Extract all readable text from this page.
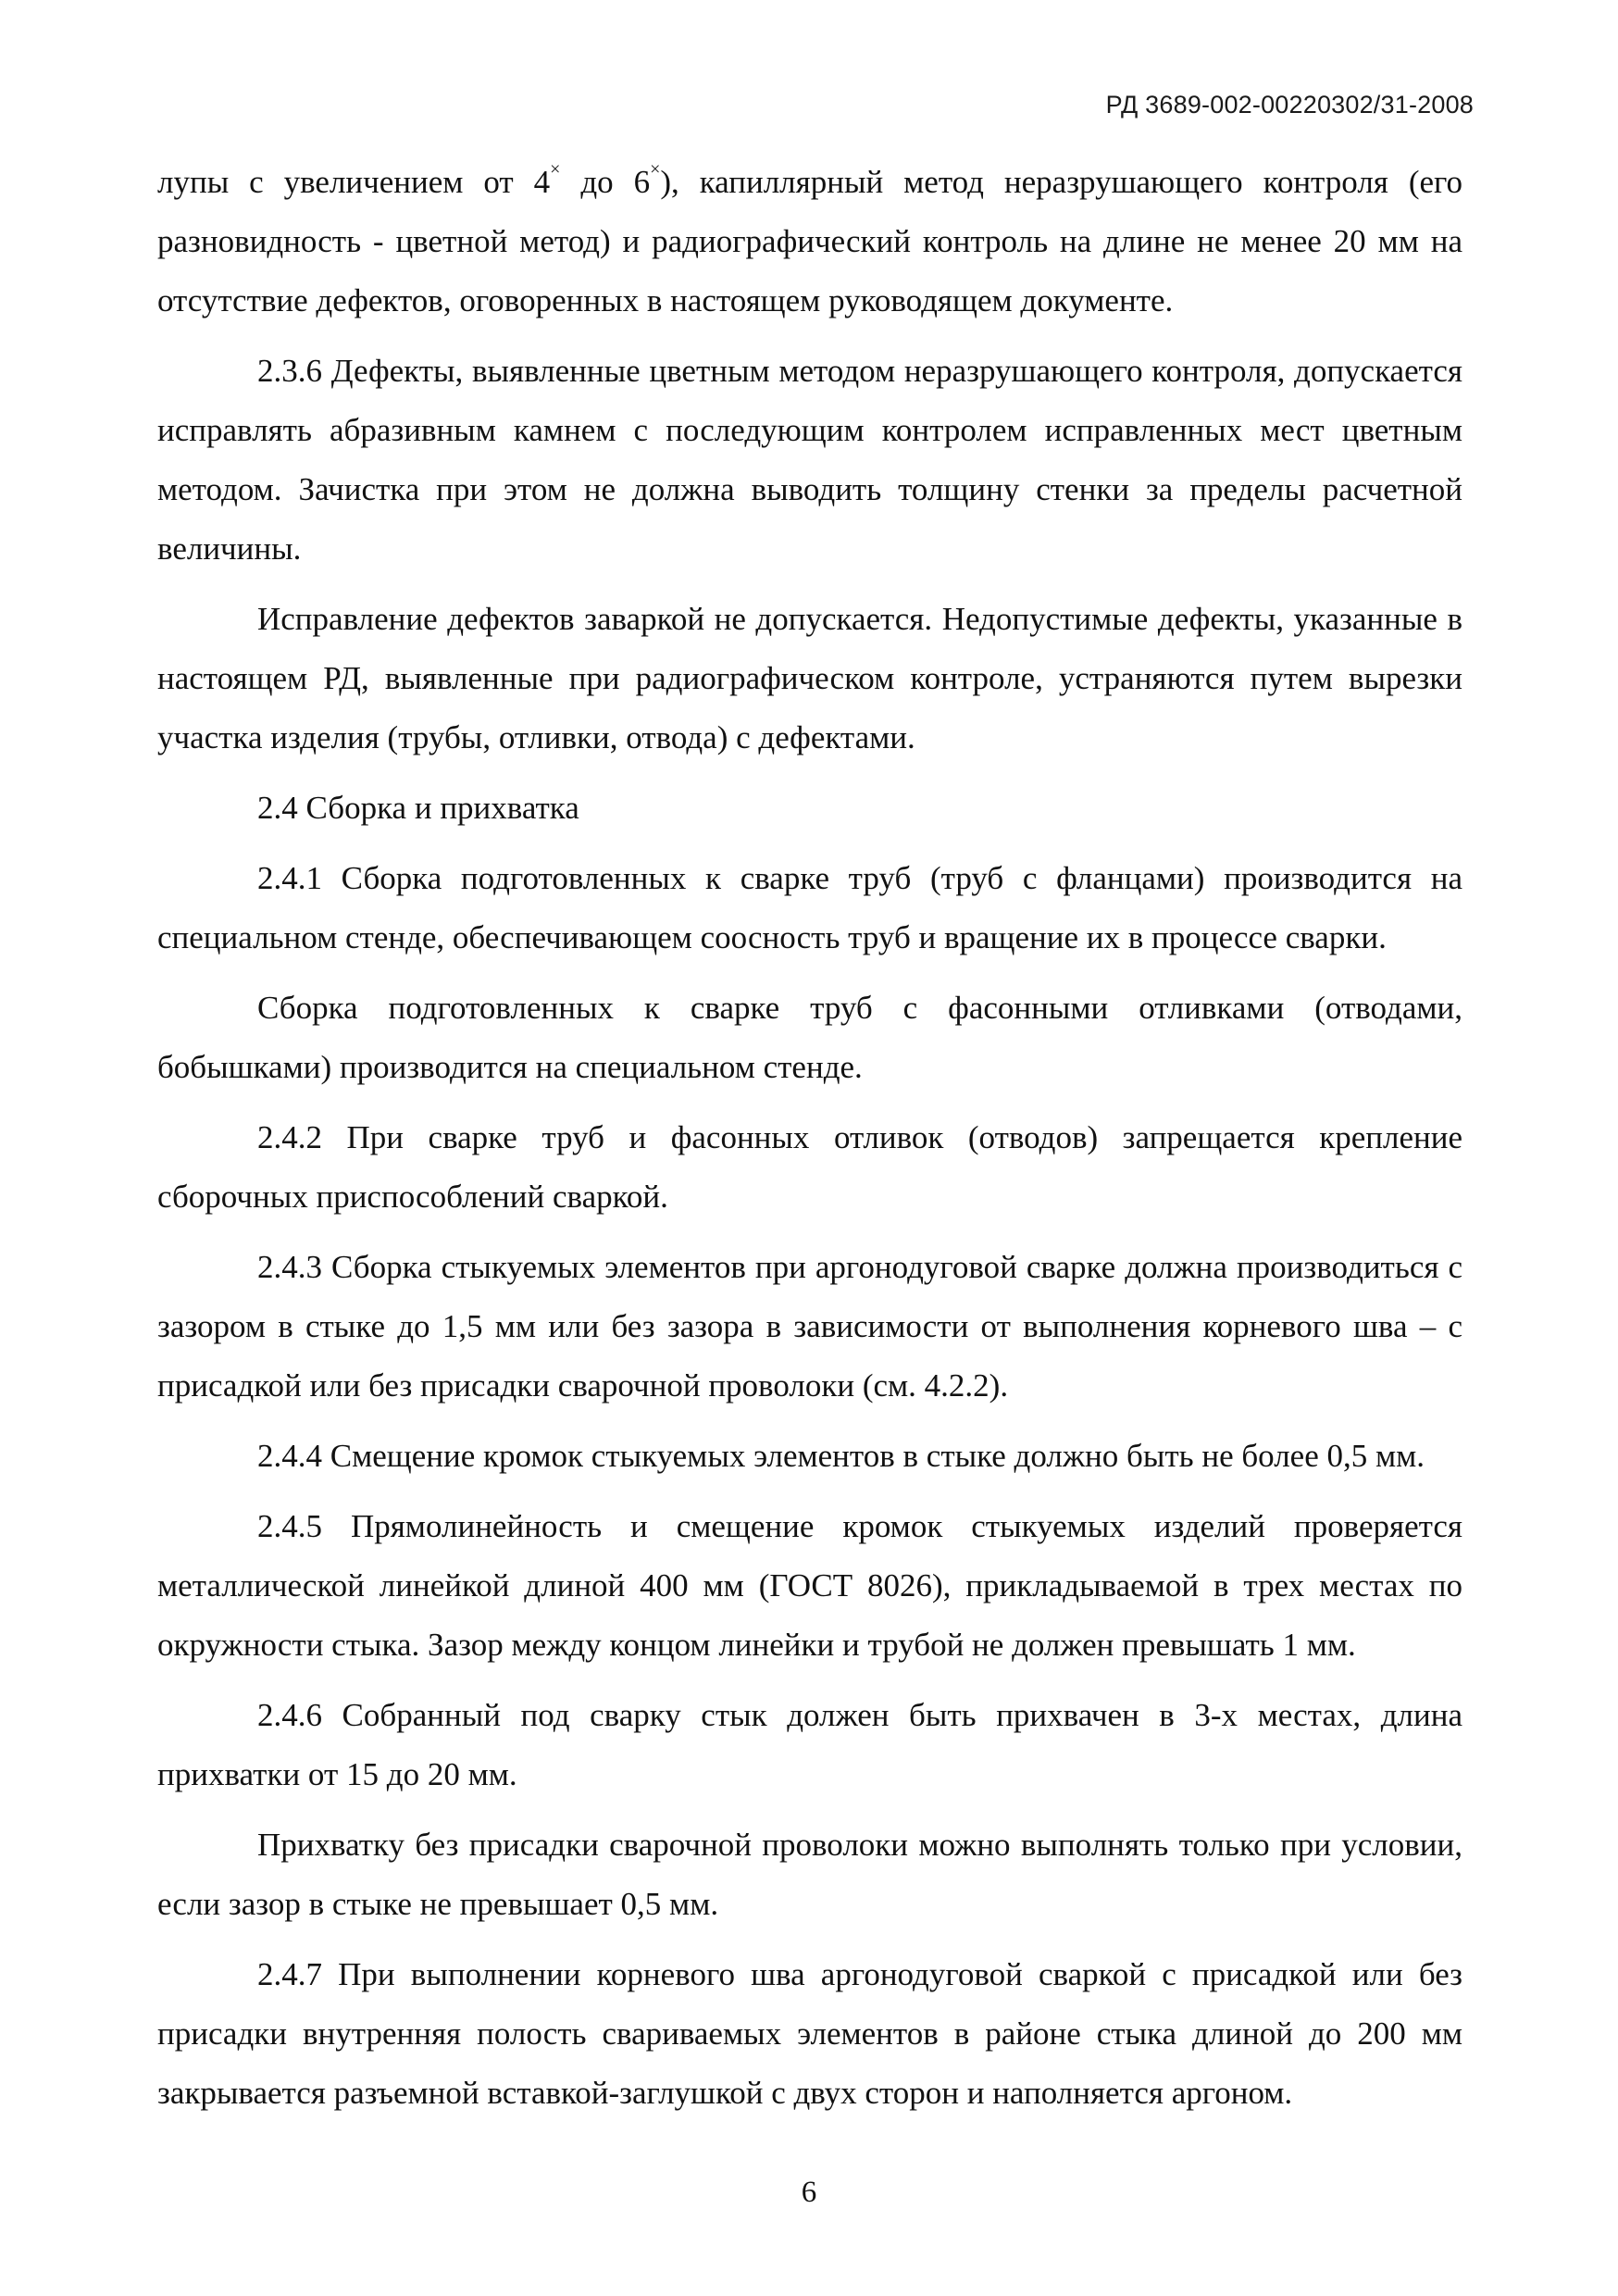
РД 3689-002-00220302/31-2008

лупы с увеличением от 4× до 6×), капиллярный метод неразрушающего контроля (его разновидность - цветной метод) и радиографический контроль на длине не менее 20 мм на отсутствие дефектов, оговоренных в настоящем руководящем документе.

2.3.6 Дефекты, выявленные цветным методом неразрушающего контроля, допускается исправлять абразивным камнем с последующим контролем исправленных мест цветным методом. Зачистка при этом не должна выводить толщину стенки за пределы расчетной величины.

Исправление дефектов заваркой не допускается. Недопустимые дефекты, указанные в настоящем РД, выявленные при радиографическом контроле, устраняются путем вырезки участка изделия (трубы, отливки, отвода) с дефектами.

2.4 Сборка и прихватка

2.4.1 Сборка подготовленных к сварке труб (труб с фланцами) производится на специальном стенде, обеспечивающем соосность труб и вращение их в процессе сварки.

Сборка подготовленных к сварке труб с фасонными отливками (отводами, бобышками) производится на специальном стенде.

2.4.2 При сварке труб и фасонных отливок (отводов) запрещается крепление сборочных приспособлений сваркой.

2.4.3 Сборка стыкуемых элементов при аргонодуговой сварке должна производиться с зазором в стыке до 1,5 мм или без зазора в зависимости от выполнения корневого шва – с присадкой или без присадки сварочной проволоки (см. 4.2.2).

2.4.4 Смещение кромок стыкуемых элементов в стыке должно быть не более 0,5 мм.

2.4.5 Прямолинейность и смещение кромок стыкуемых изделий проверяется металлической линейкой длиной 400 мм (ГОСТ 8026), прикладываемой в трех местах по окружности стыка. Зазор между концом линейки и трубой не должен превышать 1 мм.

2.4.6 Собранный под сварку стык должен быть прихвачен в 3-х местах, длина прихватки от 15 до 20 мм.

Прихватку без присадки сварочной проволоки можно выполнять только при условии, если зазор в стыке не превышает 0,5 мм.

2.4.7 При выполнении корневого шва аргонодуговой сваркой с присадкой или без присадки внутренняя полость свариваемых элементов в районе стыка длиной до 200 мм закрывается разъемной вставкой-заглушкой с двух сторон и наполняется аргоном.

6
